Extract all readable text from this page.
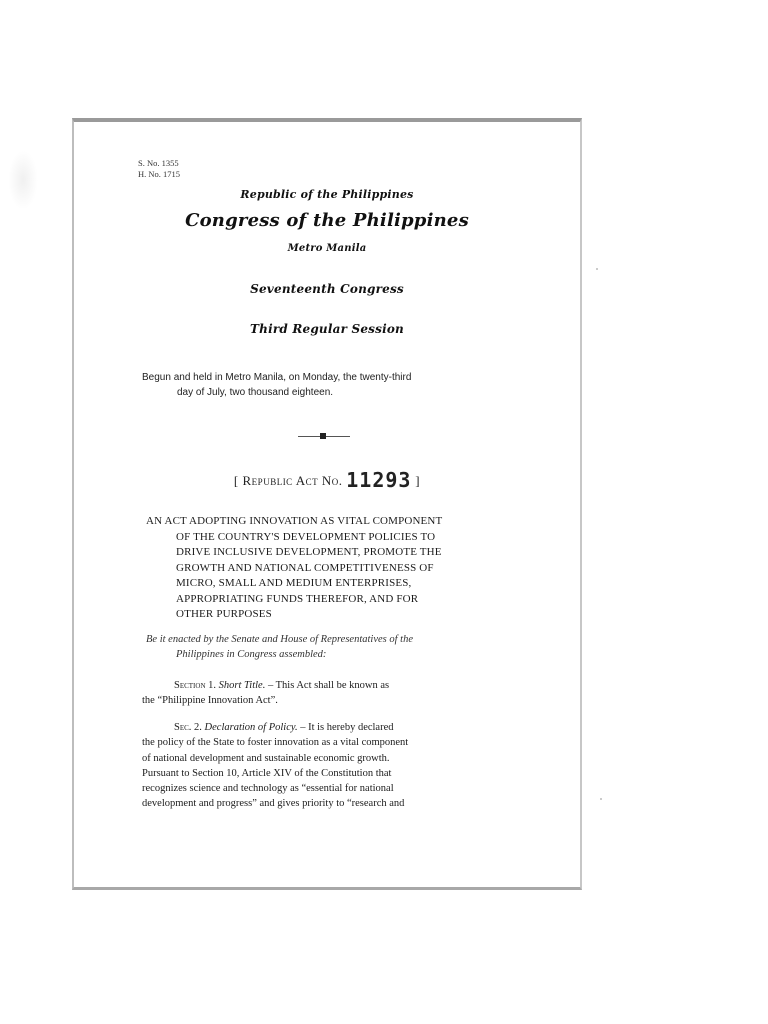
S. No. 1355
H. No. 1715
Republic of the Philippines
Congress of the Philippines
Metro Manila
Seventeenth Congress
Third Regular Session
Begun and held in Metro Manila, on Monday, the twenty-third
day of July, two thousand eighteen.
[ Republic Act No. 11293 ]
AN ACT ADOPTING INNOVATION AS VITAL COMPONENT
OF THE COUNTRY'S DEVELOPMENT POLICIES TO
DRIVE INCLUSIVE DEVELOPMENT, PROMOTE THE
GROWTH AND NATIONAL COMPETITIVENESS OF
MICRO, SMALL AND MEDIUM ENTERPRISES,
APPROPRIATING FUNDS THEREFOR, AND FOR
OTHER PURPOSES
Be it enacted by the Senate and House of Representatives of the
Philippines in Congress assembled:
Section 1. Short Title. – This Act shall be known as
the “Philippine Innovation Act”.
Sec. 2. Declaration of Policy. – It is hereby declared
the policy of the State to foster innovation as a vital component
of national development and sustainable economic growth.
Pursuant to Section 10, Article XIV of the Constitution that
recognizes science and technology as “essential for national
development and progress” and gives priority to “research and
